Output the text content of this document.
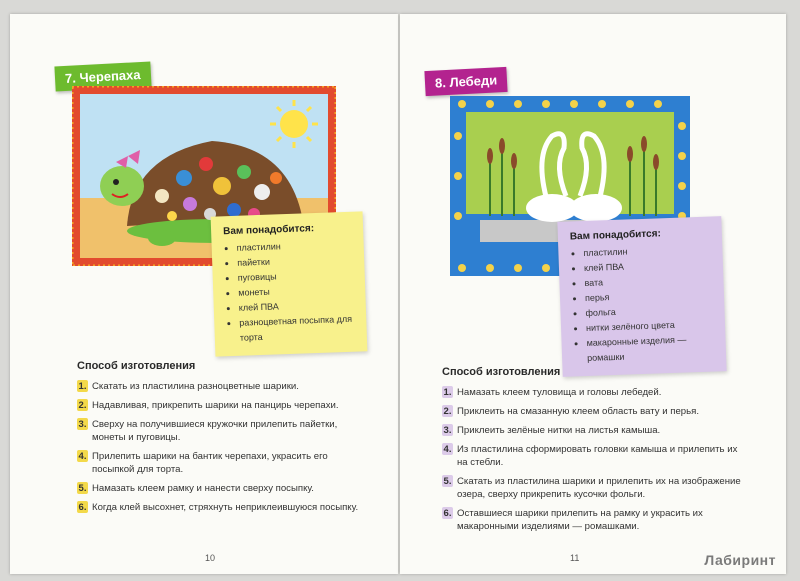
7. Черепаха
Вам понадобится:
• пластилин
• пайетки
• пуговицы
• монеты
• клей ПВА
• разноцветная посыпка для торта
Способ изготовления
1. Скатать из пластилина разноцветные шарики.
2. Надавливая, прикрепить шарики на панцирь черепахи.
3. Сверху на получившиеся кружочки прилепить пайетки, монеты и пуговицы.
4. Прилепить шарики на бантик черепахи, украсить его посыпкой для торта.
5. Намазать клеем рамку и нанести сверху посыпку.
6. Когда клей высохнет, стряхнуть неприклеившуюся посыпку.
10
8. Лебеди
Вам понадобится:
• пластилин
• клей ПВА
• вата
• перья
• фольга
• нитки зелёного цвета
• макаронные изделия — ромашки
Способ изготовления
1. Намазать клеем туловища и головы лебедей.
2. Приклеить на смазанную клеем область вату и перья.
3. Приклеить зелёные нитки на листья камыша.
4. Из пластилина сформировать головки камыша и прилепить их на стебли.
5. Скатать из пластилина шарики и прилепить их на изображение озера, сверху прикрепить кусочки фольги.
6. Оставшиеся шарики прилепить на рамку и украсить их макаронными изделиями — ромашками.
11	Лабиринт
